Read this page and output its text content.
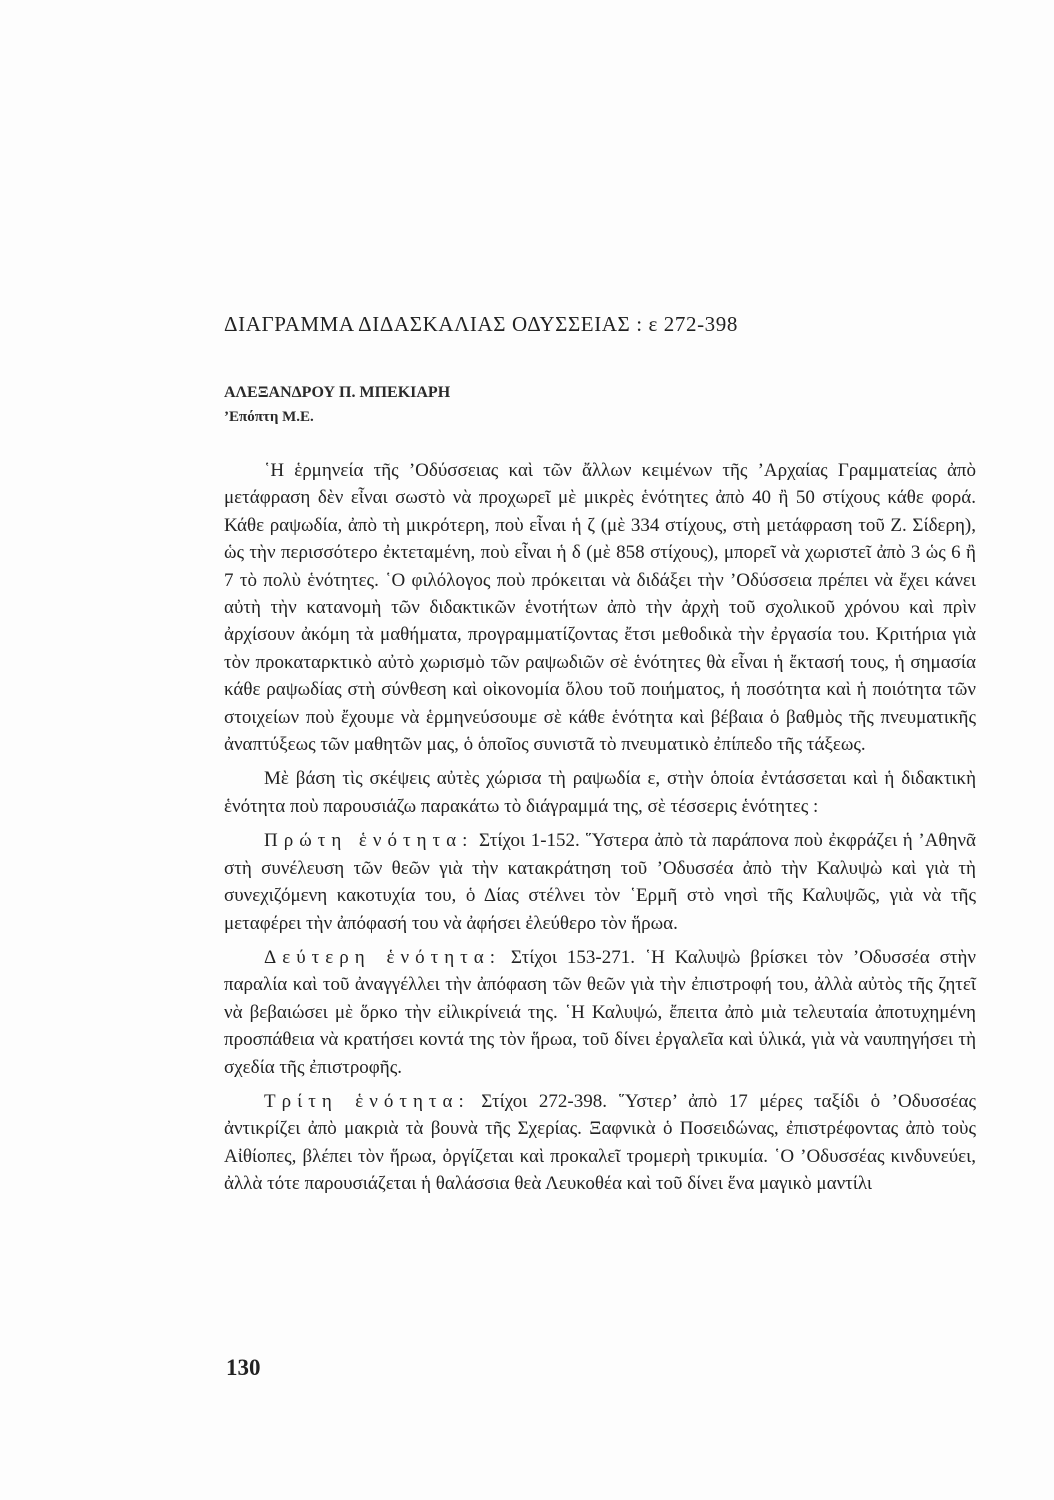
ΔΙΑΓΡΑΜΜΑ ΔΙΔΑΣΚΑΛΙΑΣ ΟΔΥΣΣΕΙΑΣ : ε 272-398
ΑΛΕΞΑΝΔΡΟΥ Π. ΜΠΕΚΙΑΡΗ
’Επόπτη Μ.Ε.

῾Η ἑρμηνεία τῆς ’Οδύσσειας καὶ τῶν ἄλλων κειμένων τῆς ’Αρχαίας Γραμματείας ἀπὸ μετάφραση δὲν εἶναι σωστὸ νὰ προχωρεῖ μὲ μικρὲς ἑνότητες ἀπὸ 40 ἢ 50 στίχους κάθε φορά. Κάθε ραψωδία, ἀπὸ τὴ μικρότερη, ποὺ εἶναι ἡ ζ (μὲ 334 στίχους, στὴ μετάφραση τοῦ Ζ. Σίδερη), ὡς τὴν περισσότερο ἐκτεταμένη, ποὺ εἶναι ἡ δ (μὲ 858 στίχους), μπορεῖ νὰ χωριστεῖ ἀπὸ 3 ὡς 6 ἢ 7 τὸ πολὺ ἑνότητες. ῾Ο φιλόλογος ποὺ πρόκειται νὰ διδάξει τὴν ’Οδύσσεια πρέπει νὰ ἔχει κάνει αὐτὴ τὴν κατανομὴ τῶν διδακτικῶν ἑνοτήτων ἀπὸ τὴν ἀρχὴ τοῦ σχολικοῦ χρόνου καὶ πρὶν ἀρχίσουν ἀκόμη τὰ μαθήματα, προγραμματίζοντας ἔτσι μεθοδικὰ τὴν ἐργασία του. Κριτήρια γιὰ τὸν προκαταρκτικὸ αὐτὸ χωρισμὸ τῶν ραψωδιῶν σὲ ἑνότητες θὰ εἶναι ἡ ἔκτασή τους, ἡ σημασία κάθε ραψωδίας στὴ σύνθεση καὶ οἰκονομία ὅλου τοῦ ποιήματος, ἡ ποσότητα καὶ ἡ ποιότητα τῶν στοιχείων ποὺ ἔχουμε νὰ ἑρμηνεύσουμε σὲ κάθε ἑνότητα καὶ βέβαια ὁ βαθμὸς τῆς πνευματικῆς ἀναπτύξεως τῶν μαθητῶν μας, ὁ ὁποῖος συνιστᾶ τὸ πνευματικὸ ἐπίπεδο τῆς τάξεως.

Μὲ βάση τὶς σκέψεις αὐτὲς χώρισα τὴ ραψωδία ε, στὴν ὁποία ἐντάσσεται καὶ ἡ διδακτικὴ ἑνότητα ποὺ παρουσιάζω παρακάτω τὸ διάγραμμά της, σὲ τέσσερις ἑνότητες :

Πρώτη ἑνότητα: Στίχοι 1-152. ῞Υστερα ἀπὸ τὰ παράπονα ποὺ ἐκφράζει ἡ ’Αθηνᾶ στὴ συνέλευση τῶν θεῶν γιὰ τὴν κατακράτηση τοῦ ’Οδυσσέα ἀπὸ τὴν Καλυψὼ καὶ γιὰ τὴ συνεχιζόμενη κακοτυχία του, ὁ Δίας στέλνει τὸν ῾Ερμῆ στὸ νησὶ τῆς Καλυψῶς, γιὰ νὰ τῆς μεταφέρει τὴν ἀπόφασή του νὰ ἀφήσει ἐλεύθερο τὸν ἥρωα.

Δεύτερη ἑνότητα: Στίχοι 153-271. ῾Η Καλυψὼ βρίσκει τὸν ’Οδυσσέα στὴν παραλία καὶ τοῦ ἀναγγέλλει τὴν ἀπόφαση τῶν θεῶν γιὰ τὴν ἐπιστροφή του, ἀλλὰ αὐτὸς τῆς ζητεῖ νὰ βεβαιώσει μὲ ὅρκο τὴν εἰλικρίνειά της. ῾Η Καλυψώ, ἔπειτα ἀπὸ μιὰ τελευταία ἀποτυχημένη προσπάθεια νὰ κρατήσει κοντά της τὸν ἥρωα, τοῦ δίνει ἐργαλεῖα καὶ ὑλικά, γιὰ νὰ ναυπηγήσει τὴ σχεδία τῆς ἐπιστροφῆς.

Τρίτη ἑνότητα: Στίχοι 272-398. ῞Υστερ’ ἀπὸ 17 μέρες ταξίδι ὁ ’Οδυσσέας ἀντικρίζει ἀπὸ μακριὰ τὰ βουνὰ τῆς Σχερίας. Ξαφνικὰ ὁ Ποσειδώνας, ἐπιστρέφοντας ἀπὸ τοὺς Αἰθίοπες, βλέπει τὸν ἥρωα, ὀργίζεται καὶ προκαλεῖ τρομερὴ τρικυμία. ῾Ο ’Οδυσσέας κινδυνεύει, ἀλλὰ τότε παρουσιάζεται ἡ θαλάσσια θεὰ Λευκοθέα καὶ τοῦ δίνει ἕνα μαγικὸ μαντίλι

130
